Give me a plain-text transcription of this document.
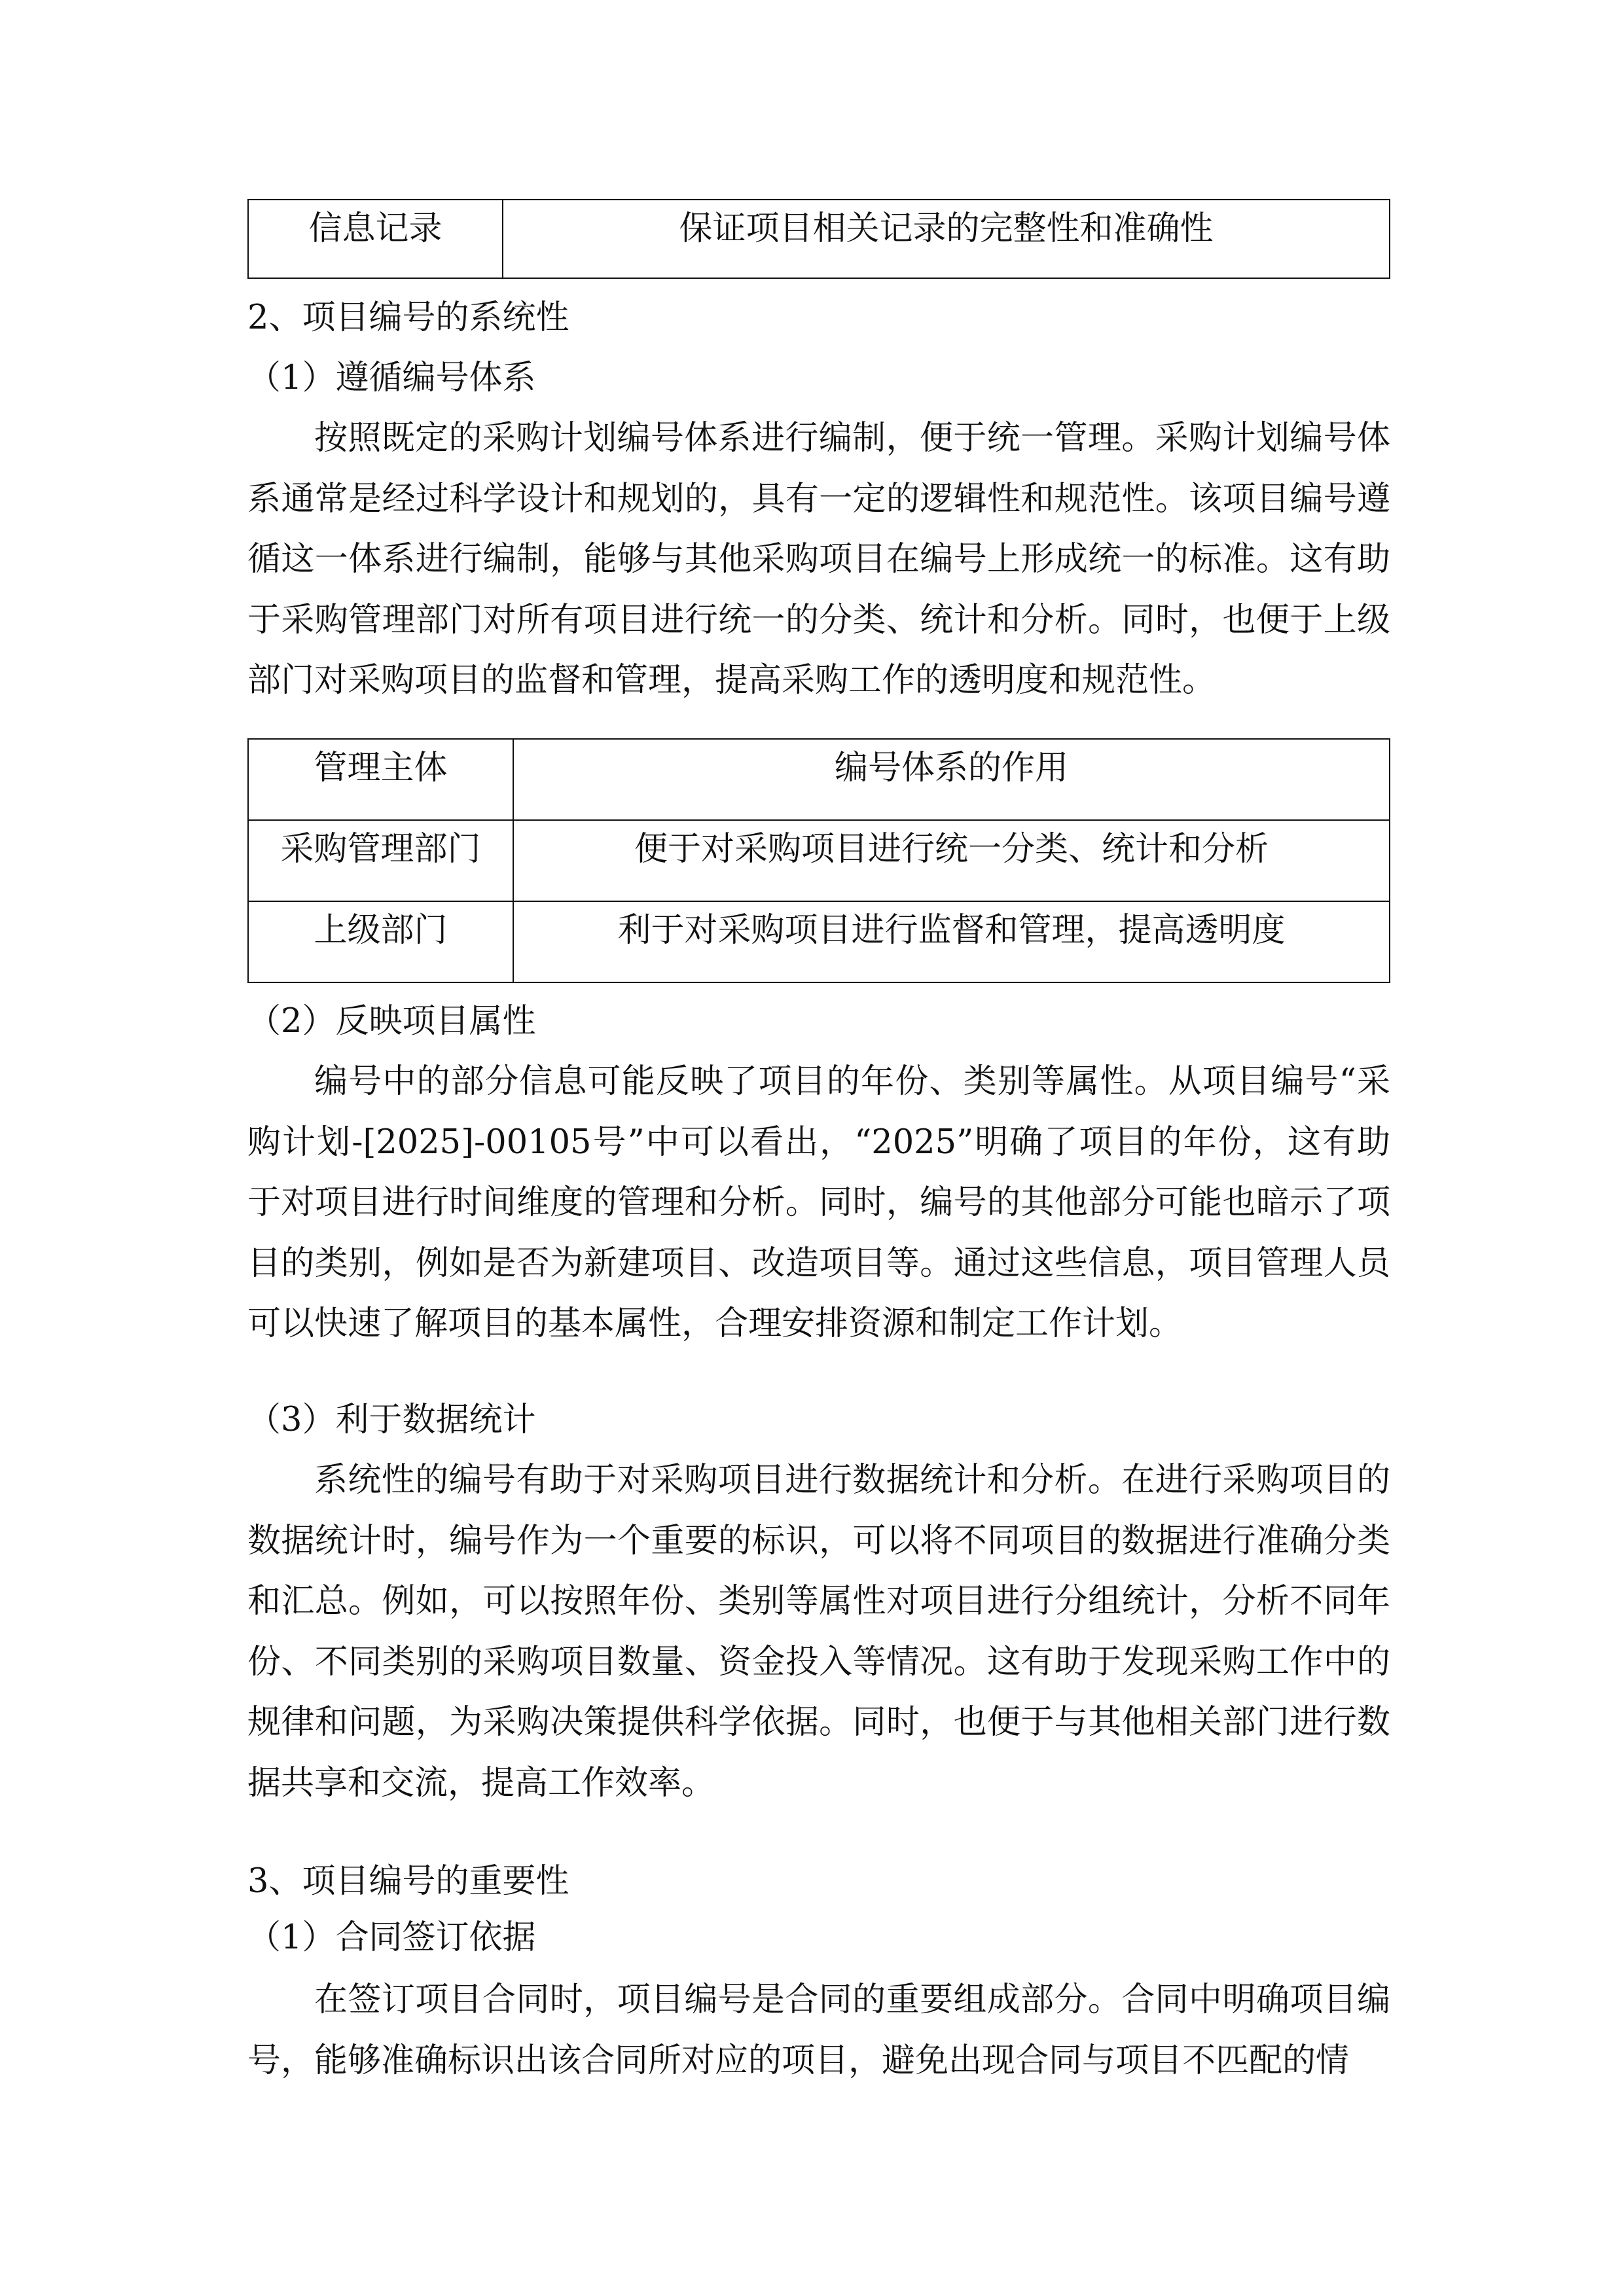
信息记录	保证项目相关记录的完整性和准确性
2、项目编号的系统性
（1）遵循编号体系
按照既定的采购计划编号体系进行编制，便于统一管理。采购计划编号体系通常是经过科学设计和规划的，具有一定的逻辑性和规范性。该项目编号遵循这一体系进行编制，能够与其他采购项目在编号上形成统一的标准。这有助于采购管理部门对所有项目进行统一的分类、统计和分析。同时，也便于上级部门对采购项目的监督和管理，提高采购工作的透明度和规范性。
管理主体	编号体系的作用
采购管理部门	便于对采购项目进行统一分类、统计和分析
上级部门	利于对采购项目进行监督和管理，提高透明度
（2）反映项目属性
编号中的部分信息可能反映了项目的年份、类别等属性。从项目编号“采购计划-[2025]-00105号”中可以看出，“2025”明确了项目的年份，这有助于对项目进行时间维度的管理和分析。同时，编号的其他部分可能也暗示了项目的类别，例如是否为新建项目、改造项目等。通过这些信息，项目管理人员可以快速了解项目的基本属性，合理安排资源和制定工作计划。
（3）利于数据统计
系统性的编号有助于对采购项目进行数据统计和分析。在进行采购项目的数据统计时，编号作为一个重要的标识，可以将不同项目的数据进行准确分类和汇总。例如，可以按照年份、类别等属性对项目进行分组统计，分析不同年份、不同类别的采购项目数量、资金投入等情况。这有助于发现采购工作中的规律和问题，为采购决策提供科学依据。同时，也便于与其他相关部门进行数据共享和交流，提高工作效率。
3、项目编号的重要性
（1）合同签订依据
在签订项目合同时，项目编号是合同的重要组成部分。合同中明确项目编号，能够准确标识出该合同所对应的项目，避免出现合同与项目不匹配的情
